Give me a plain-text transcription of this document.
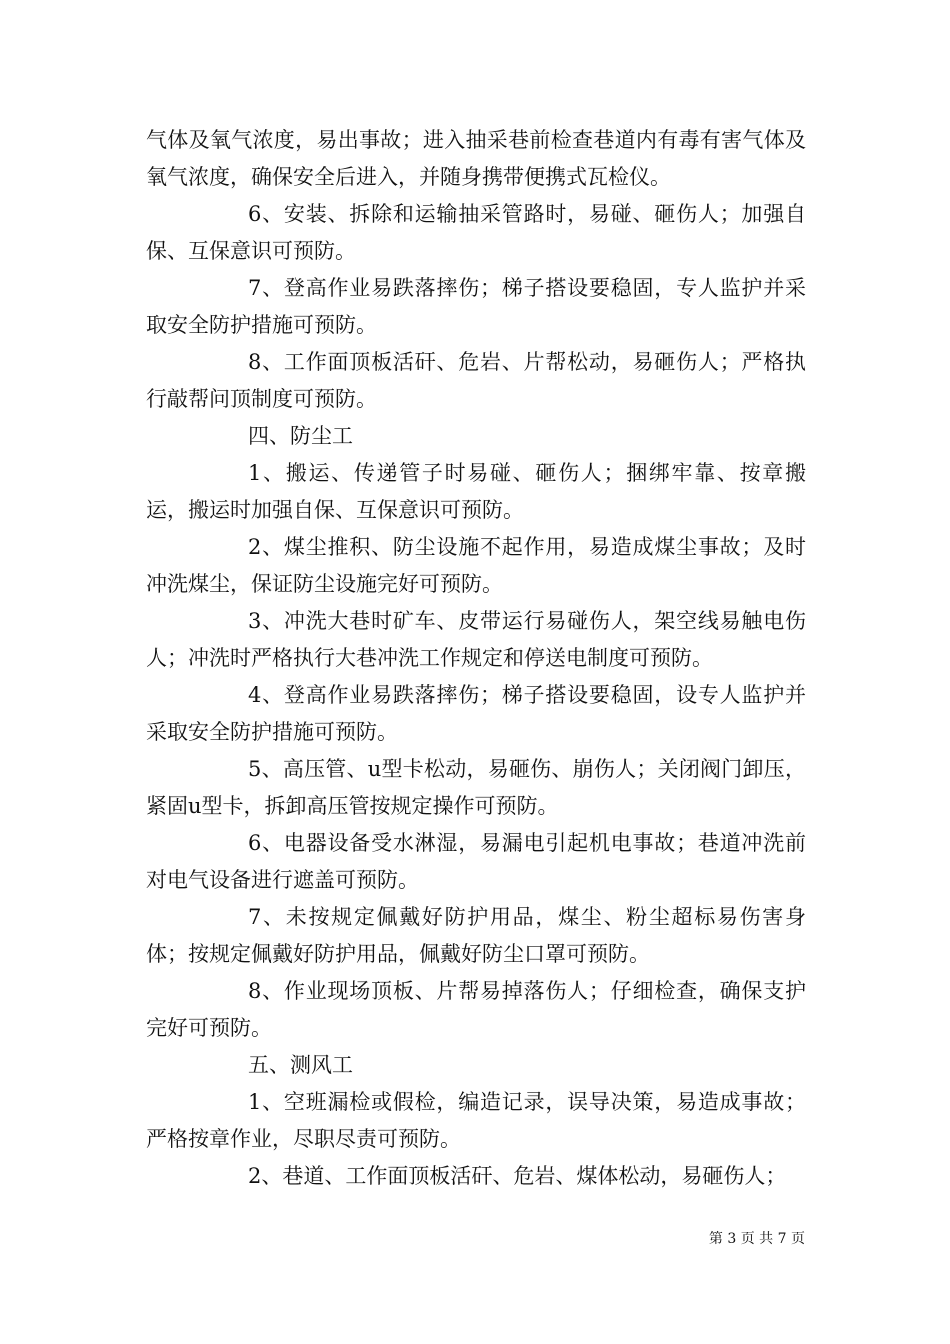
气体及氧气浓度，易出事故；进入抽采巷前检查巷道内有毒有害气体及氧气浓度，确保安全后进入，并随身携带便携式瓦检仪。

6、安装、拆除和运输抽采管路时，易碰、砸伤人；加强自保、互保意识可预防。

7、登高作业易跌落摔伤；梯子搭设要稳固，专人监护并采取安全防护措施可预防。

8、工作面顶板活矸、危岩、片帮松动，易砸伤人；严格执行敲帮问顶制度可预防。

四、防尘工

1、搬运、传递管子时易碰、砸伤人；捆绑牢靠、按章搬运，搬运时加强自保、互保意识可预防。

2、煤尘推积、防尘设施不起作用，易造成煤尘事故；及时冲洗煤尘，保证防尘设施完好可预防。

3、冲洗大巷时矿车、皮带运行易碰伤人，架空线易触电伤人；冲洗时严格执行大巷冲洗工作规定和停送电制度可预防。

4、登高作业易跌落摔伤；梯子搭设要稳固，设专人监护并采取安全防护措施可预防。

5、高压管、u型卡松动，易砸伤、崩伤人；关闭阀门卸压，紧固u型卡，拆卸高压管按规定操作可预防。

6、电器设备受水淋湿，易漏电引起机电事故；巷道冲洗前对电气设备进行遮盖可预防。

7、未按规定佩戴好防护用品，煤尘、粉尘超标易伤害身体；按规定佩戴好防护用品，佩戴好防尘口罩可预防。

8、作业现场顶板、片帮易掉落伤人；仔细检查，确保支护完好可预防。

五、测风工

1、空班漏检或假检，编造记录，误导决策，易造成事故；严格按章作业，尽职尽责可预防。

2、巷道、工作面顶板活矸、危岩、煤体松动，易砸伤人；

第 3 页 共 7 页
